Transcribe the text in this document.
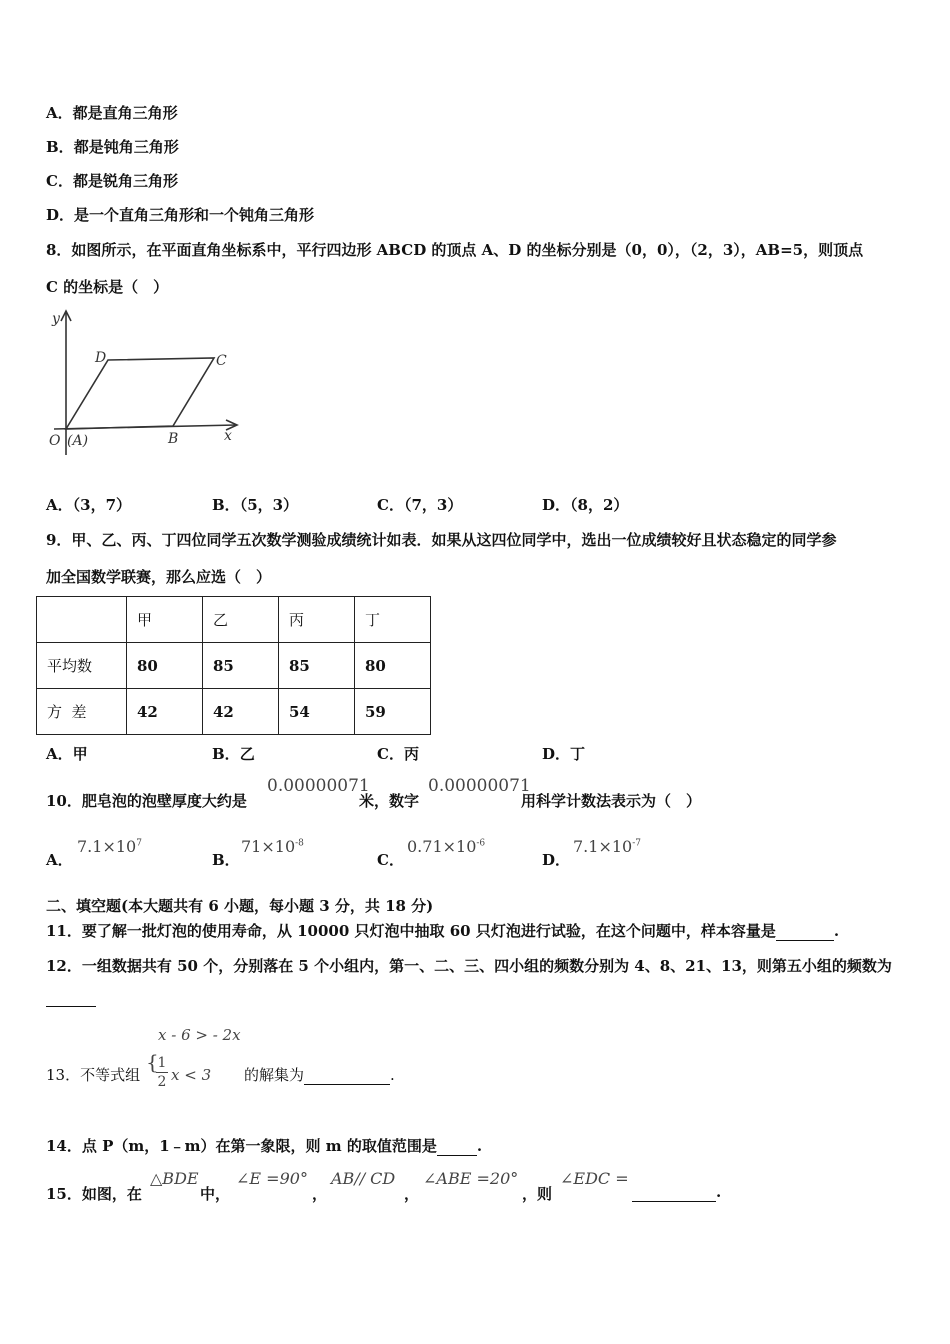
A．都是直角三角形
B．都是钝角三角形
C．都是锐角三角形
D．是一个直角三角形和一个钝角三角形
8．如图所示，在平面直角坐标系中，平行四边形 ABCD 的顶点 A、D 的坐标分别是（0，0），（2，3），AB=5，则顶点
C 的坐标是（　）
y
x
D	C
B
O (A)
A．（3，7）	B．（5，3）	C．（7，3）	D．（8，2）
9．甲、乙、丙、丁四位同学五次数学测验成绩统计如表．如果从这四位同学中，选出一位成绩较好且状态稳定的同学参
加全国数学联赛，那么应选（　）
	甲	乙	丙	丁
平均数	80	85	85	80
方  差	42	42	54	59
A．甲	B．乙	C．丙	D．丁
10．肥皂泡的泡壁厚度大约是
0.00000071
米，数字
0.00000071
用科学计数法表示为（　）
A．
$7.1\times 10^7$
B．
$71\times 10^{-8}$
C．
$0.71\times 10^{-6}$
D．
$7.1\times 10^{-7}$
二、填空题(本大题共有 6 小题，每小题 3 分，共 18 分)
11．要了解一批灯泡的使用寿命，从 10000 只灯泡中抽取 60 只灯泡进行试验，在这个问题中，样本容量是	.
12．一组数据共有 50 个，分别落在 5 个小组内，第一、二、三、四小组的频数分别为 4、8、21、13，则第五小组的频数为
x - 6 > - 2x
13．不等式组
{
1
2 x < 3 的解集为	.
14．点 P（m，1﹣m）在第一象限，则 m 的取值范围是	.
15．如图，在
△BDE
中，
∠E =90°
，
AB// CD
，
∠ABE =20°
，则
∠EDC =
.
